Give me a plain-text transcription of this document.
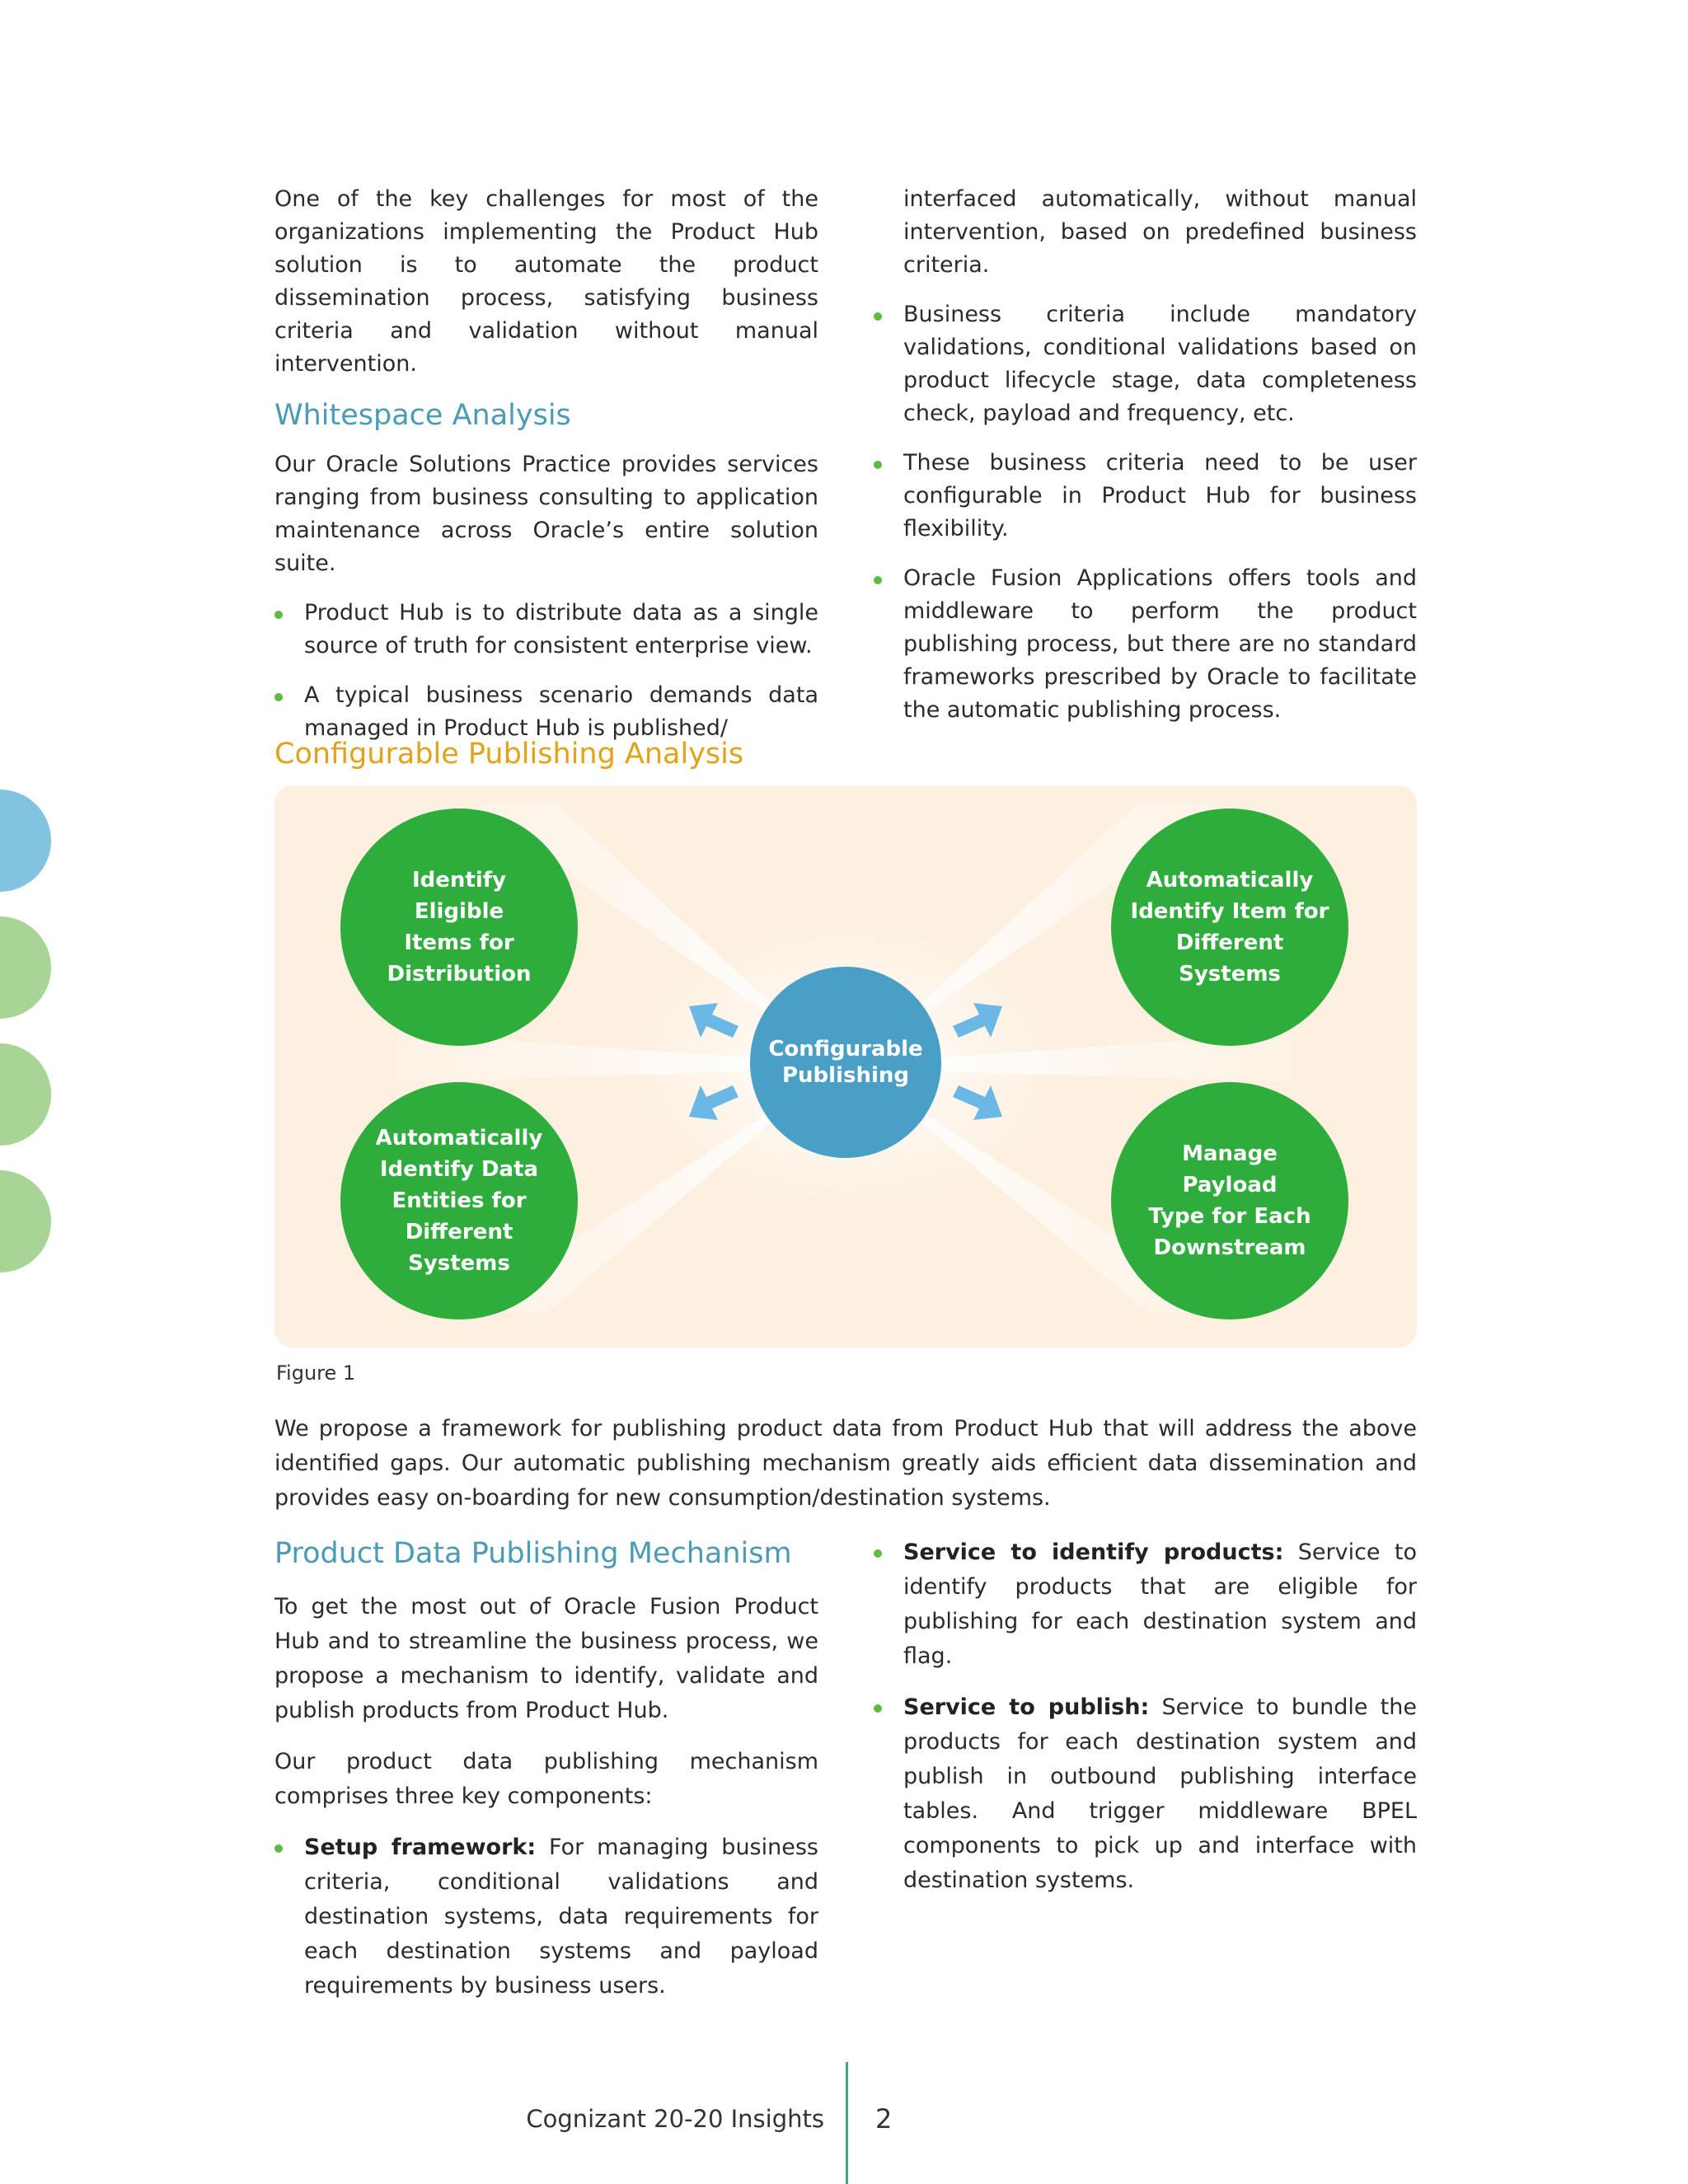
One of the key challenges for most of the organizations implementing the Product Hub solution is to automate the product dissemination process, satisfying business criteria and validation without manual intervention.

Whitespace Analysis

Our Oracle Solutions Practice provides services ranging from business consulting to application maintenance across Oracle’s entire solution suite.

Product Hub is to distribute data as a single source of truth for consistent enterprise view.
A typical business scenario demands data managed in Product Hub is published/

interfaced automatically, without manual intervention, based on predefined business criteria.

Business criteria include mandatory validations, conditional validations based on product lifecycle stage, data completeness check, payload and frequency, etc.
These business criteria need to be user configurable in Product Hub for business flexibility.
Oracle Fusion Applications offers tools and middleware to perform the product publishing process, but there are no standard frameworks prescribed by Oracle to facilitate the automatic publishing process.
Configurable Publishing Analysis
Identify
Eligible
Items for
Distribution
Automatically
Identify Item for
Different
Systems
Automatically
Identify Data
Entities for
Different
Systems
Manage
Payload
Type for Each
Downstream
Configurable
Publishing

Figure 1

We propose a framework for publishing product data from Product Hub that will address the above identified gaps. Our automatic publishing mechanism greatly aids efficient data dissemination and provides easy on-boarding for new consumption/destination systems.

Product Data Publishing Mechanism

To get the most out of Oracle Fusion Product Hub and to streamline the business process, we propose a mechanism to identify, validate and publish products from Product Hub.

Our product data publishing mechanism comprises three key components:

Setup framework: For managing business criteria, conditional validations and destination systems, data requirements for each destination systems and payload requirements by business users.
Service to identify products: Service to identify products that are eligible for publishing for each destination system and flag.
Service to publish: Service to bundle the products for each destination system and publish in outbound publishing interface tables. And trigger middleware BPEL components to pick up and interface with destination systems.

Cognizant 20-20 Insights 2
